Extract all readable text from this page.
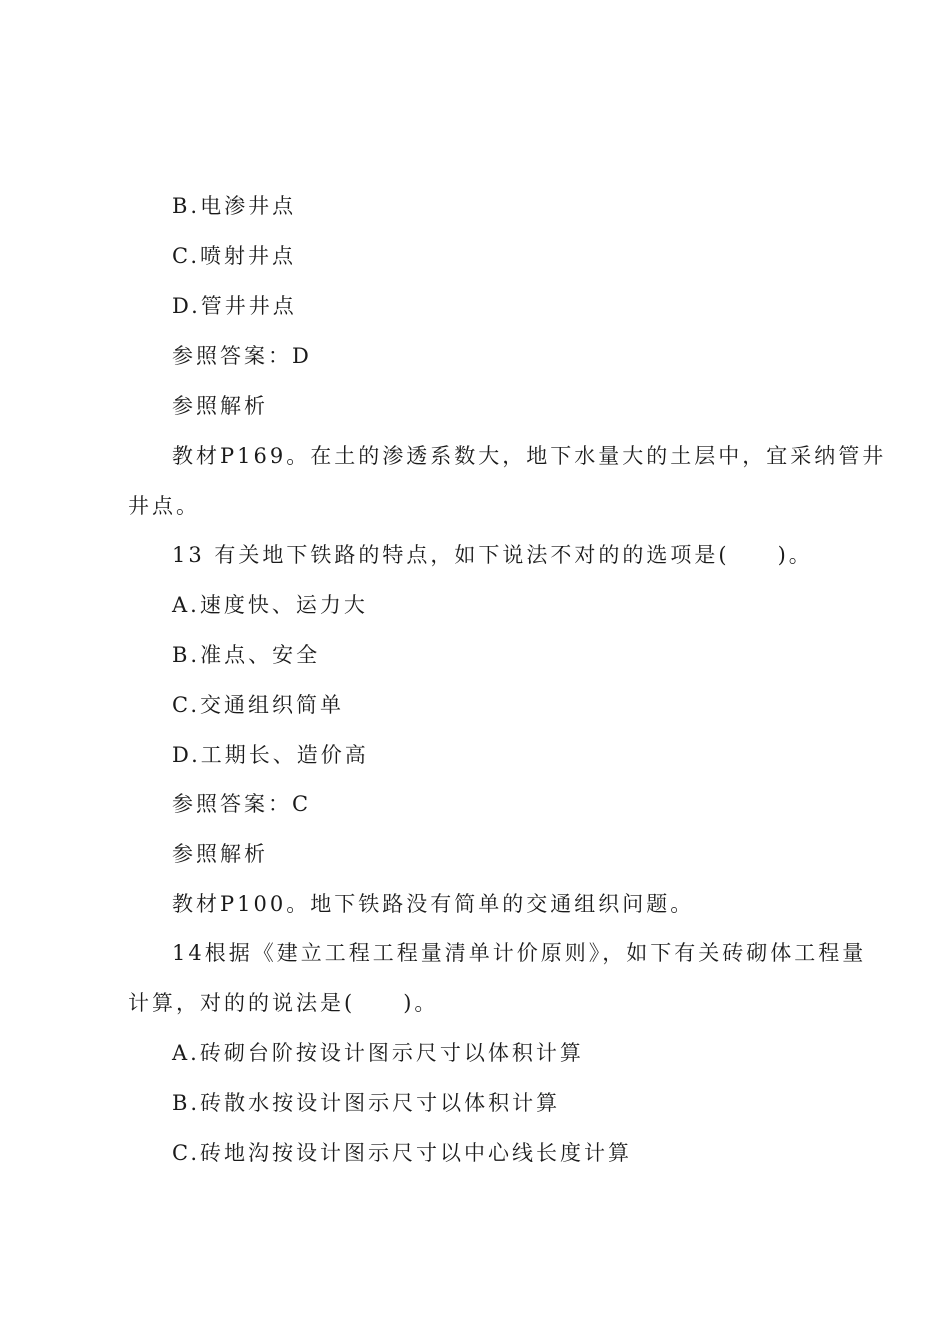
B.电渗井点
C.喷射井点
D.管井井点
参照答案：D
参照解析
教材P169。在土的渗透系数大，地下水量大的土层中，宜采纳管井
井点。
13 有关地下铁路的特点，如下说法不对的的选项是(　　)。
A.速度快、运力大
B.准点、安全
C.交通组织简单
D.工期长、造价高
参照答案：C
参照解析
教材P100。地下铁路没有简单的交通组织问题。
14根据《建立工程工程量清单计价原则》，如下有关砖砌体工程量
计算，对的的说法是(　　)。
A.砖砌台阶按设计图示尺寸以体积计算
B.砖散水按设计图示尺寸以体积计算
C.砖地沟按设计图示尺寸以中心线长度计算
